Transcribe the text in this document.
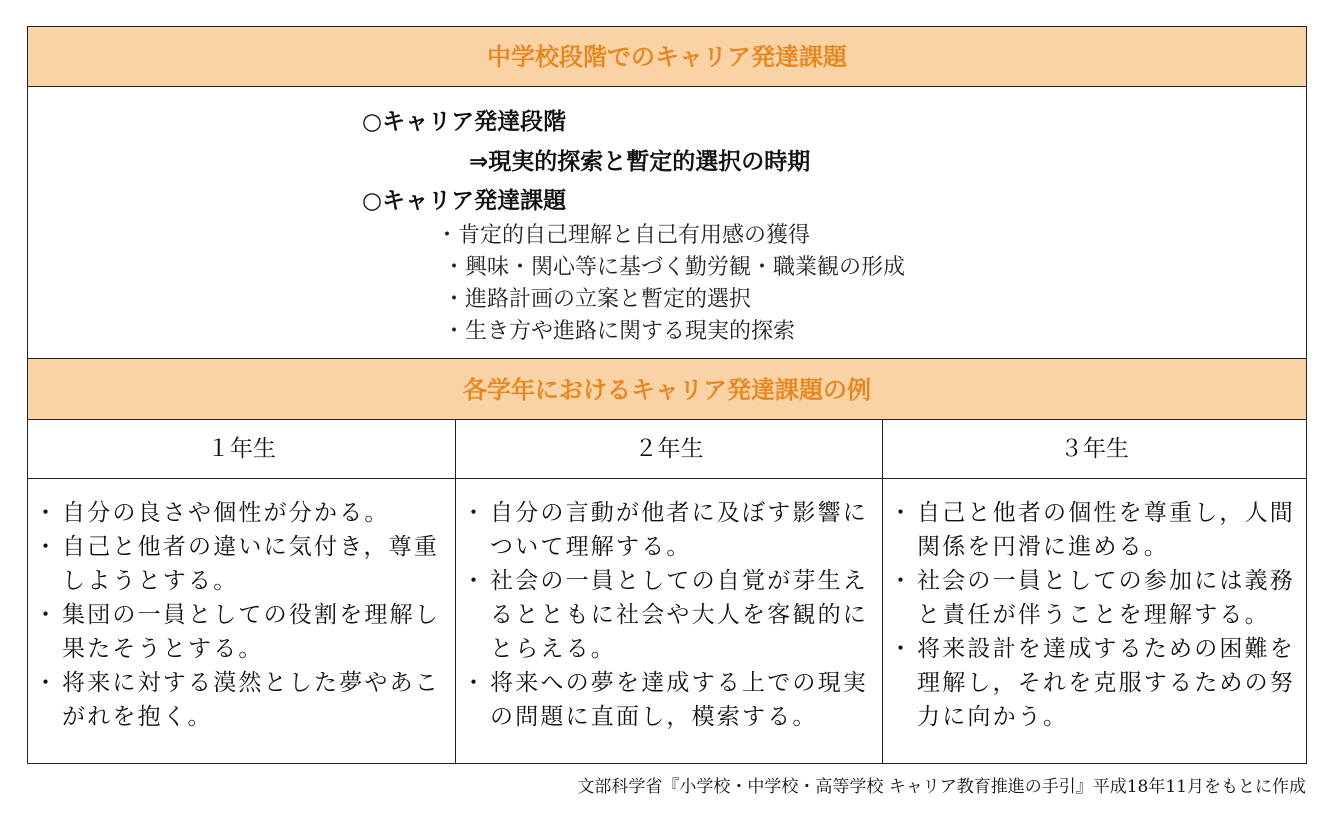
中学校段階でのキャリア発達課題
○キャリア発達段階
⇒現実的探索と暫定的選択の時期
○キャリア発達課題
・肯定的自己理解と自己有用感の獲得
・興味・関心等に基づく勤労観・職業観の形成
・進路計画の立案と暫定的選択
・生き方や進路に関する現実的探索
各学年におけるキャリア発達課題の例
１年生
・ 自分の良さや個性が分かる。
・ 自己と他者の違いに気付き，尊重しようとする。
・ 集団の一員としての役割を理解し果たそうとする。
・ 将来に対する漠然とした夢やあこがれを抱く。
２年生
・ 自分の言動が他者に及ぼす影響について理解する。
・ 社会の一員としての自覚が芽生えるとともに社会や大人を客観的にとらえる。
・ 将来への夢を達成する上での現実の問題に直面し，模索する。
３年生
・ 自己と他者の個性を尊重し，人間関係を円滑に進める。
・ 社会の一員としての参加には義務と責任が伴うことを理解する。
・ 将来設計を達成するための困難を理解し，それを克服するための努力に向かう。
文部科学省『小学校・中学校・高等学校 キャリア教育推進の手引』平成18年11月をもとに作成
